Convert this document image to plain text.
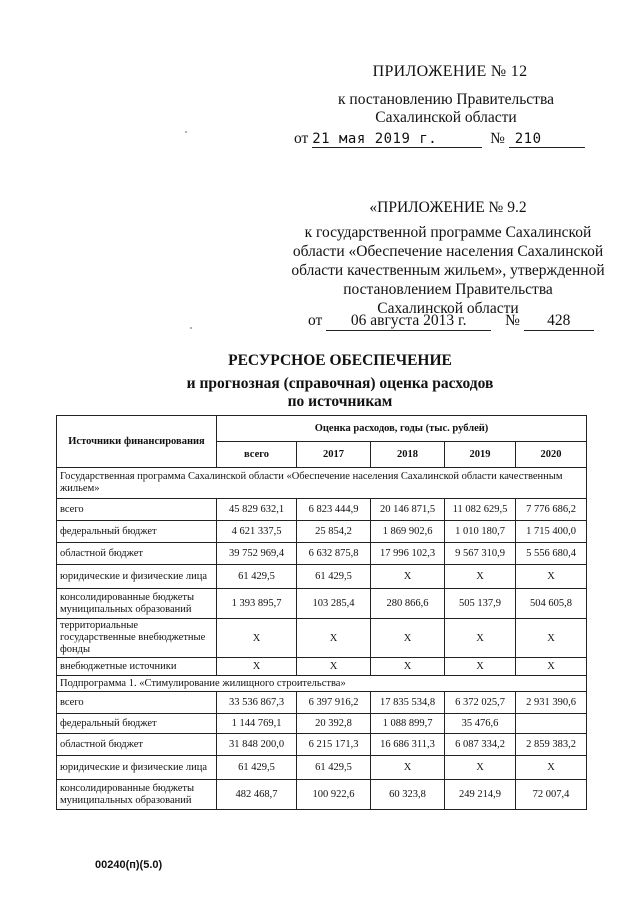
ПРИЛОЖЕНИЕ № 12
к постановлению Правительства
Сахалинской области
от 21 мая 2019 г.	№ 210
«ПРИЛОЖЕНИЕ № 9.2
к государственной программе Сахалинской
области «Обеспечение населения Сахалинской
области качественным жильем», утвержденной
постановлением Правительства
Сахалинской области
от 06 августа 2013 г. № 428
РЕСУРСНОЕ ОБЕСПЕЧЕНИЕ
и прогнозная (справочная) оценка расходов
по источникам
Источники финансирования	Оценка расходов, годы (тыс. рублей)				
	всего	2017	2018	2019	2020
Государственная программа Сахалинской области «Обеспечение населения Сахалинской области качественным жильем»					
всего	45 829 632,1	6 823 444,9	20 146 871,5	11 082 629,5	7 776 686,2
федеральный бюджет	4 621 337,5	25 854,2	1 869 902,6	1 010 180,7	1 715 400,0
областной бюджет	39 752 969,4	6 632 875,8	17 996 102,3	9 567 310,9	5 556 680,4
юридические и физические лица	61 429,5	61 429,5	X	X	X
консолидированные бюджеты муниципальных образований	1 393 895,7	103 285,4	280 866,6	505 137,9	504 605,8
территориальные государственные внебюджетные фонды	X	X	X	X	X
внебюджетные источники	X	X	X	X	X
Подпрограмма 1. «Стимулирование жилищного строительства»					
всего	33 536 867,3	6 397 916,2	17 835 534,8	6 372 025,7	2 931 390,6
федеральный бюджет	1 144 769,1	20 392,8	1 088 899,7	35 476,6	
областной бюджет	31 848 200,0	6 215 171,3	16 686 311,3	6 087 334,2	2 859 383,2
юридические и физические лица	61 429,5	61 429,5	X	X	X
консолидированные бюджеты муниципальных образований	482 468,7	100 922,6	60 323,8	249 214,9	72 007,4
00240(п)(5.0)
